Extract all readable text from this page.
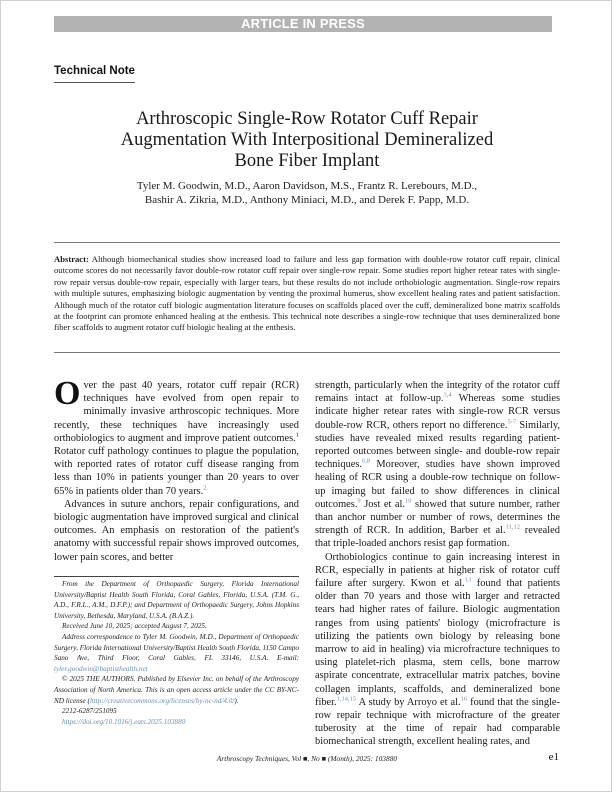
ARTICLE IN PRESS
Technical Note
Arthroscopic Single-Row Rotator Cuff Repair
Augmentation With Interpositional Demineralized
Bone Fiber Implant
Tyler M. Goodwin, M.D., Aaron Davidson, M.S., Frantz R. Lerebours, M.D.,
Bashir A. Zikria, M.D., Anthony Miniaci, M.D., and Derek F. Papp, M.D.
Abstract: Although biomechanical studies show increased load to failure and less gap formation with double-row rotator cuff repair, clinical outcome scores do not necessarily favor double-row rotator cuff repair over single-row repair. Some studies report higher retear rates with single-row repair versus double-row repair, especially with larger tears, but these results do not include orthobiologic augmentation. Single-row repairs with multiple sutures, emphasizing biologic augmentation by venting the proximal humerus, show excellent healing rates and patient satisfaction. Although much of the rotator cuff biologic augmentation literature focuses on scaffolds placed over the cuff, demineralized bone matrix scaffolds at the footprint can promote enhanced healing at the enthesis. This technical note describes a single-row technique that uses demineralized bone fiber scaffolds to augment rotator cuff biologic healing at the enthesis.

Over the past 40 years, rotator cuff repair (RCR) techniques have evolved from open repair to minimally invasive arthroscopic techniques. More recently, these techniques have increasingly used orthobiologics to augment and improve patient outcomes.$^1$ Rotator cuff pathology continues to plague the population, with reported rates of rotator cuff disease ranging from less than 10% in patients younger than 20 years to over 65% in patients older than 70 years.$^2$

Advances in suture anchors, repair configurations, and biologic augmentation have improved surgical and clinical outcomes. An emphasis on restoration of the patient's anatomy with successful repair shows improved outcomes, lower pain scores, and better

From the Department of Orthopaedic Surgery, Florida International University/Baptist Health South Florida, Coral Gables, Florida, U.S.A. (T.M. G., A.D., F.R.L., A.M., D.F.P.); and Department of Orthopaedic Surgery, Johns Hopkins University, Bethesda, Maryland, U.S.A. (B.A.Z.).

Received June 10, 2025; accepted August 7, 2025.

Address correspondence to Tyler M. Goodwin, M.D., Department of Orthopaedic Surgery, Florida International University/Baptist Health South Florida, 1150 Campo Sano Ave, Third Floor, Coral Gables, FL 33146, U.S.A. E-mail: tyler.goodwin@baptisthealth.net

© 2025 THE AUTHORS. Published by Elsevier Inc. on behalf of the Arthroscopy Association of North America. This is an open access article under the CC BY-NC-ND license (http://creativecommons.org/licenses/by-nc-nd/4.0/).

2212-6287/251095

https://doi.org/10.1016/j.eats.2025.103880

strength, particularly when the integrity of the rotator cuff remains intact at follow-up.$^{3,4}$ Whereas some studies indicate higher retear rates with single-row RCR versus double-row RCR, others report no difference.$^{5-7}$ Similarly, studies have revealed mixed results regarding patient-reported outcomes between single- and double-row repair techniques.$^{6,8}$ Moreover, studies have shown improved healing of RCR using a double-row technique on follow-up imaging but failed to show differences in clinical outcomes.$^9$ Jost et al.$^{10}$ showed that suture number, rather than anchor number or number of rows, determines the strength of RCR. In addition, Barber et al.$^{11,12}$ revealed that triple-loaded anchors resist gap formation.

Orthobiologics continue to gain increasing interest in RCR, especially in patients at higher risk of rotator cuff failure after surgery. Kwon et al.$^{13}$ found that patients older than 70 years and those with larger and retracted tears had higher rates of failure. Biologic augmentation ranges from using patients' biology (microfracture is utilizing the patients own biology by releasing bone marrow to aid in healing) via microfracture techniques to using platelet-rich plasma, stem cells, bone marrow aspirate concentrate, extracellular matrix patches, bovine collagen implants, scaffolds, and demineralized bone fiber.$^{1,14,15}$ A study by Arroyo et al.$^{16}$ found that the single-row repair technique with microfracture of the greater tuberosity at the time of repair had comparable biomechanical strength, excellent healing rates, and

Arthroscopy Techniques, Vol ■, No ■ (Month), 2025: 103880	e1
